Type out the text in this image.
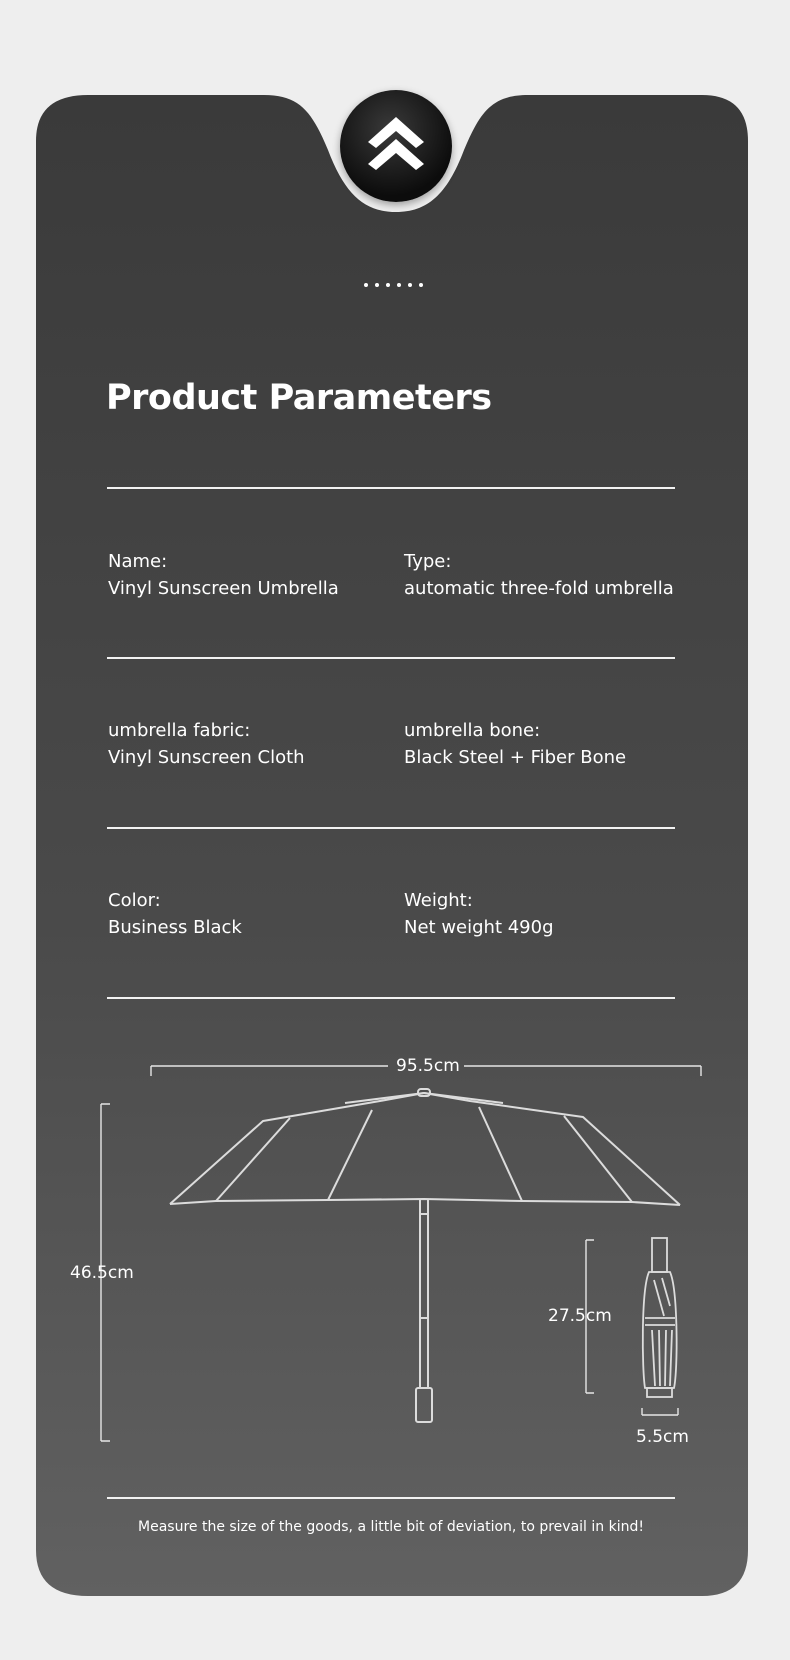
Product Parameters
Name:
Vinyl Sunscreen Umbrella
Type:
automatic three-fold umbrella
umbrella fabric:
Vinyl Sunscreen Cloth
umbrella bone:
Black Steel + Fiber Bone
Color:
Business Black
Weight:
Net weight 490g
95.5cm
46.5cm
27.5cm
5.5cm
Measure the size of the goods, a little bit of deviation, to prevail in kind!
